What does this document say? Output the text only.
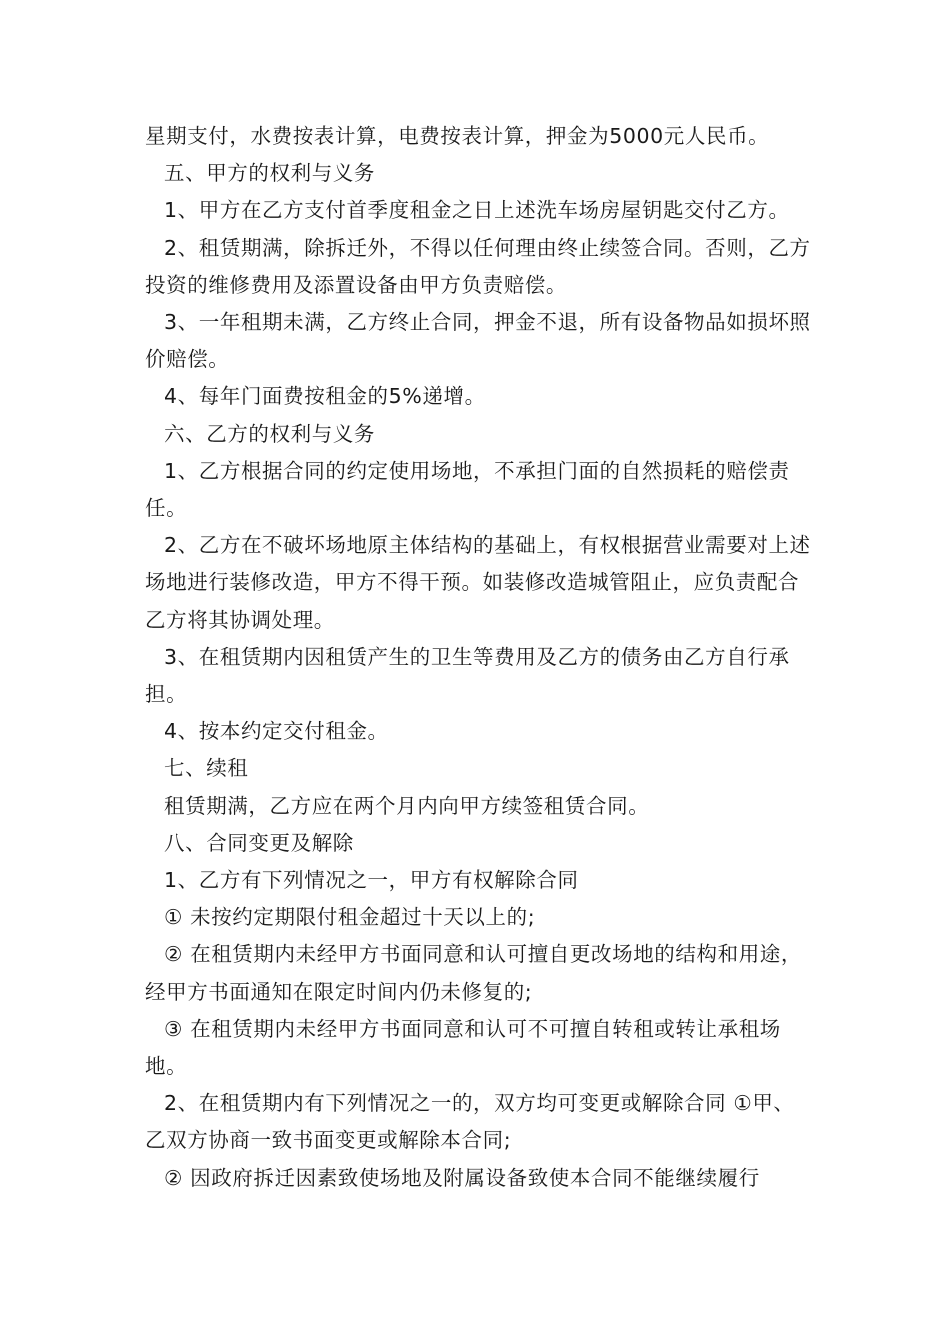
星期支付，水费按表计算，电费按表计算，押金为5000元人民币。

五、甲方的权利与义务

1、甲方在乙方支付首季度租金之日上述洗车场房屋钥匙交付乙方。

2、租赁期满，除拆迁外，不得以任何理由终止续签合同。否则，乙方投资的维修费用及添置设备由甲方负责赔偿。

3、一年租期未满，乙方终止合同，押金不退，所有设备物品如损坏照价赔偿。

4、每年门面费按租金的5%递增。

六、乙方的权利与义务

1、乙方根据合同的约定使用场地，不承担门面的自然损耗的赔偿责任。

2、乙方在不破坏场地原主体结构的基础上，有权根据营业需要对上述场地进行装修改造，甲方不得干预。如装修改造城管阻止，应负责配合乙方将其协调处理。

3、在租赁期内因租赁产生的卫生等费用及乙方的债务由乙方自行承担。

4、按本约定交付租金。

七、续租

租赁期满，乙方应在两个月内向甲方续签租赁合同。

八、合同变更及解除

1、乙方有下列情况之一，甲方有权解除合同

① 未按约定期限付租金超过十天以上的;

② 在租赁期内未经甲方书面同意和认可擅自更改场地的结构和用途，经甲方书面通知在限定时间内仍未修复的;

③ 在租赁期内未经甲方书面同意和认可不可擅自转租或转让承租场地。

2、在租赁期内有下列情况之一的，双方均可变更或解除合同 ①甲、乙双方协商一致书面变更或解除本合同;

② 因政府拆迁因素致使场地及附属设备致使本合同不能继续履行
